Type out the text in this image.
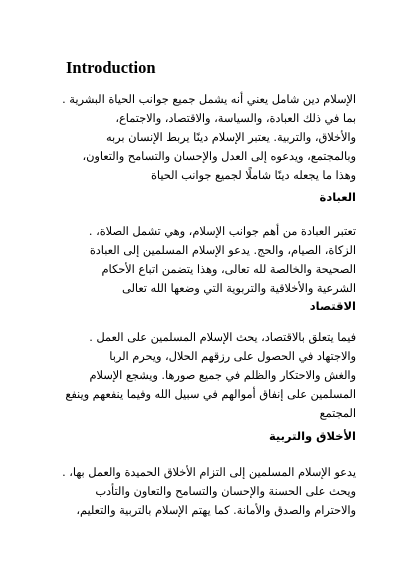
Introduction
الإسلام دين شامل يعني أنه يشمل جميع جوانب الحياة البشرية .
بما في ذلك العبادة، والسياسة، والاقتصاد، والاجتماع،
والأخلاق، والتربية. يعتبر الإسلام دينًا يربط الإنسان بربه
وبالمجتمع، ويدعوه إلى العدل والإحسان والتسامح والتعاون،
وهذا ما يجعله دينًا شاملًا لجميع جوانب الحياة
العبادة
تعتبر العبادة من أهم جوانب الإسلام، وهي تشمل الصلاة، .
الزكاة، الصيام، والحج. يدعو الإسلام المسلمين إلى العبادة
الصحيحة والخالصة لله تعالى، وهذا يتضمن اتباع الأحكام
الشرعية والأخلاقية والتربوية التي وضعها الله تعالى
الاقتصاد
فيما يتعلق بالاقتصاد، يحث الإسلام المسلمين على العمل .
والاجتهاد في الحصول على رزقهم الحلال، ويحرم الربا
والغش والاحتكار والظلم في جميع صورها. ويشجع الإسلام
المسلمين على إنفاق أموالهم في سبيل الله وفيما ينفعهم وينفع
المجتمع
الأخلاق والتربية
يدعو الإسلام المسلمين إلى التزام الأخلاق الحميدة والعمل بها، .
ويحث على الحسنة والإحسان والتسامح والتعاون والتأدب
والاحترام والصدق والأمانة. كما يهتم الإسلام بالتربية والتعليم،
